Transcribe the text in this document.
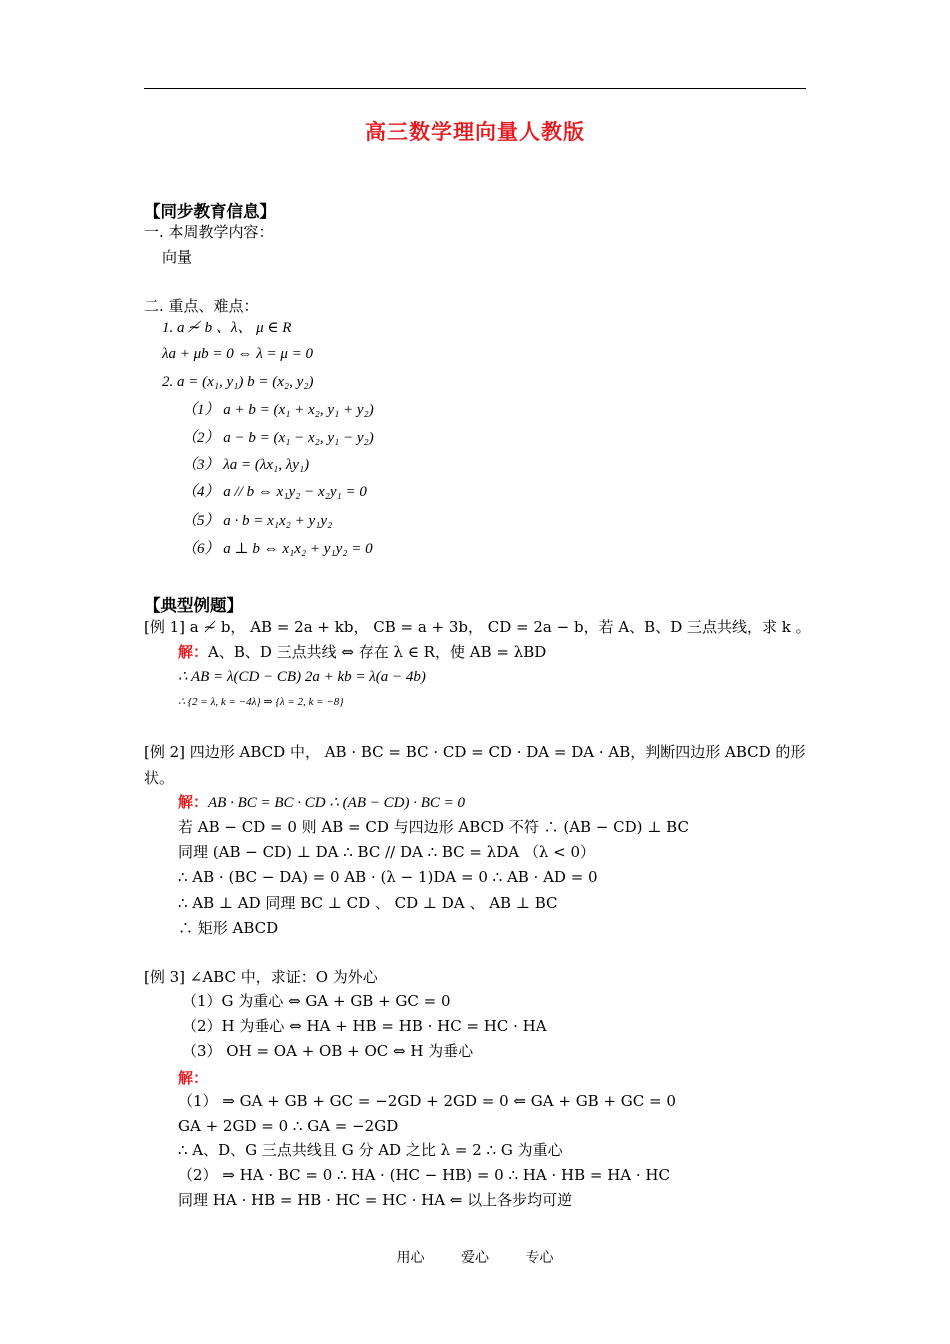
高三数学理向量人教版
【同步教育信息】
一. 本周教学内容：
向量
二. 重点、难点：
1. a ≁ b 、λ、 μ ∈ R
λa + μb = 0 ⇔ λ = μ = 0
2. a = (x₁, y₁) b = (x₂, y₂)
（1） a + b = (x₁ + x₂, y₁ + y₂)
（2） a − b = (x₁ − x₂, y₁ − y₂)
（3） λa = (λx₁, λy₁)
（4） a // b ⇔ x₁y₂ − x₂y₁ = 0
（5） a · b = x₁x₂ + y₁y₂
（6） a ⊥ b ⇔ x₁x₂ + y₁y₂ = 0
【典型例题】
[例 1] a ≁ b， AB = 2a + kb， CB = a + 3b， CD = 2a − b，若 A、B、D 三点共线，求 k 。
解：A、B、D 三点共线 ⇔ 存在 λ ∈ R，使 AB = λBD
∴ AB = λ(CD − CB) 2a + kb = λ(a − 4b)
∴ {2 = λ, k = −4λ} ⇒ {λ = 2, k = −8}
[例 2] 四边形 ABCD 中， AB · BC = BC · CD = CD · DA = DA · AB，判断四边形 ABCD 的形
状。
解：AB · BC = BC · CD ∴ (AB − CD) · BC = 0
若 AB − CD = 0 则 AB = CD 与四边形 ABCD 不符 ∴ (AB − CD) ⊥ BC
同理 (AB − CD) ⊥ DA ∴ BC // DA ∴ BC = λDA （λ < 0）
∴ AB · (BC − DA) = 0 AB · (λ − 1)DA = 0 ∴ AB · AD = 0
∴ AB ⊥ AD 同理 BC ⊥ CD 、 CD ⊥ DA 、 AB ⊥ BC
∴ 矩形 ABCD
[例 3] ∠ABC 中，求证：O 为外心
（1）G 为重心 ⇔ GA + GB + GC = 0
（2）H 为垂心 ⇔ HA + HB = HB · HC = HC · HA
（3） OH = OA + OB + OC ⇔ H 为垂心
解：
（1） ⇒ GA + GB + GC = −2GD + 2GD = 0 ⇐ GA + GB + GC = 0
GA + 2GD = 0 ∴ GA = −2GD
∴ A、D、G 三点共线且 G 分 AD 之比 λ = 2 ∴ G 为重心
（2） ⇒ HA · BC = 0 ∴ HA · (HC − HB) = 0 ∴ HA · HB = HA · HC
同理 HA · HB = HB · HC = HC · HA ⇐ 以上各步均可逆
用心	爱心	专心
